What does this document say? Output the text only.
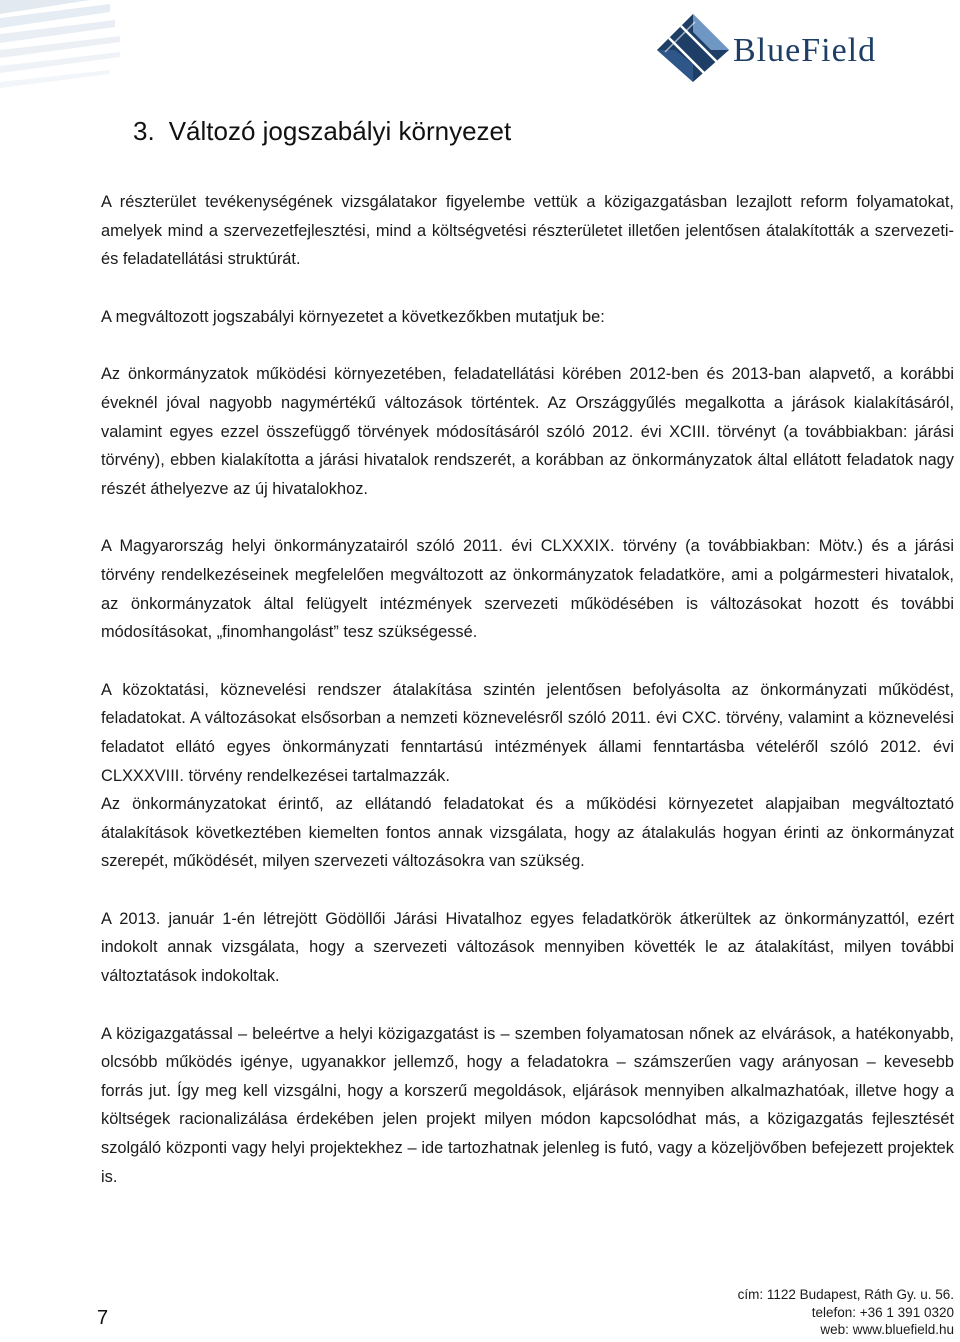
BlueField
3. Változó jogszabályi környezet

A részterület tevékenységének vizsgálatakor figyelembe vettük a közigazgatásban lezajlott reform folyamatokat, amelyek mind a szervezetfejlesztési, mind a költségvetési részterületet illetően jelentősen átalakították a szervezeti- és feladatellátási struktúrát.

A megváltozott jogszabályi környezetet a következőkben mutatjuk be:

Az önkormányzatok működési környezetében, feladatellátási körében 2012-ben és 2013-ban alapvető, a korábbi éveknél jóval nagyobb nagymértékű változások történtek. Az Országgyűlés megalkotta a járások kialakításáról, valamint egyes ezzel összefüggő törvények módosításáról szóló 2012. évi XCIII. törvényt (a továbbiakban: járási törvény), ebben kialakította a járási hivatalok rendszerét, a korábban az önkormányzatok által ellátott feladatok nagy részét áthelyezve az új hivatalokhoz.

A Magyarország helyi önkormányzatairól szóló 2011. évi CLXXXIX. törvény (a továbbiakban: Mötv.) és a járási törvény rendelkezéseinek megfelelően megváltozott az önkormányzatok feladatköre, ami a polgármesteri hivatalok, az önkormányzatok által felügyelt intézmények szervezeti működésében is változásokat hozott és további módosításokat, „finomhangolást” tesz szükségessé.

A közoktatási, köznevelési rendszer átalakítása szintén jelentősen befolyásolta az önkormányzati működést, feladatokat. A változásokat elsősorban a nemzeti köznevelésről szóló 2011. évi CXC. törvény, valamint a köznevelési feladatot ellátó egyes önkormányzati fenntartású intézmények állami fenntartásba vételéről szóló 2012. évi CLXXXVIII. törvény rendelkezései tartalmazzák.

Az önkormányzatokat érintő, az ellátandó feladatokat és a működési környezetet alapjaiban megváltoztató átalakítások következtében kiemelten fontos annak vizsgálata, hogy az átalakulás hogyan érinti az önkormányzat szerepét, működését, milyen szervezeti változásokra van szükség.

A 2013. január 1-én létrejött Gödöllői Járási Hivatalhoz egyes feladatkörök átkerültek az önkormányzattól, ezért indokolt annak vizsgálata, hogy a szervezeti változások mennyiben követték le az átalakítást, milyen további változtatások indokoltak.

A közigazgatással – beleértve a helyi közigazgatást is – szemben folyamatosan nőnek az elvárások, a hatékonyabb, olcsóbb működés igénye, ugyanakkor jellemző, hogy a feladatokra – számszerűen vagy arányosan – kevesebb forrás jut. Így meg kell vizsgálni, hogy a korszerű megoldások, eljárások mennyiben alkalmazhatóak, illetve hogy a költségek racionalizálása érdekében jelen projekt milyen módon kapcsolódhat más, a közigazgatás fejlesztését szolgáló központi vagy helyi projektekhez – ide tartozhatnak jelenleg is futó, vagy a közeljövőben befejezett projektek is.

7
cím: 1122 Budapest, Ráth Gy. u. 56.
telefon: +36 1 391 0320
web: www.bluefield.hu
